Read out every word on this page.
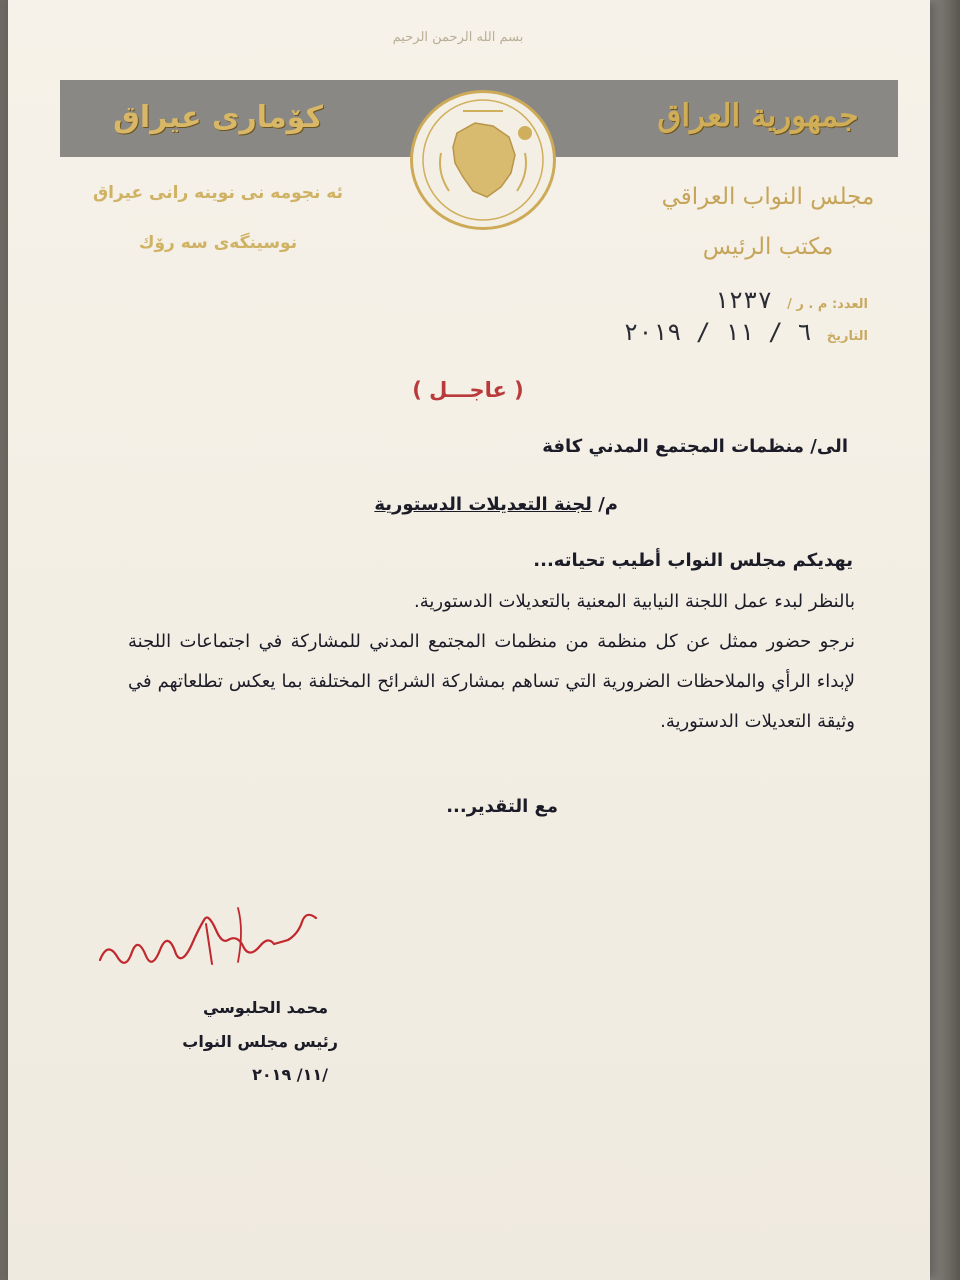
بسم الله الرحمن الرحيم
كۆمارى عيراق	جمهورية العراق
ئه نجومه نى نوينه رانى عيراق
نوسينگه‌ى سه رۆك
مجلس النواب العراقي
مكتب الرئيس
العدد: م . ر / ١٢٣٧
التاريخ ٦ / ١١ / ٢٠١٩
( عاجـــل )
الى/ منظمات المجتمع المدني كافة
م/ لجنة التعديلات الدستورية
يهديكم مجلس النواب أطيب تحياته...

بالنظر لبدء عمل اللجنة النيابية المعنية بالتعديلات الدستورية.

نرجو حضور ممثل عن كل منظمة من منظمات المجتمع المدني للمشاركة في اجتماعات اللجنة لإبداء الرأي والملاحظات الضرورية التي تساهم بمشاركة الشرائح المختلفة بما يعكس تطلعاتهم في وثيقة التعديلات الدستورية.

مع التقدير...
محمد الحلبوسي
رئيس مجلس النواب
/١١/ ٢٠١٩
